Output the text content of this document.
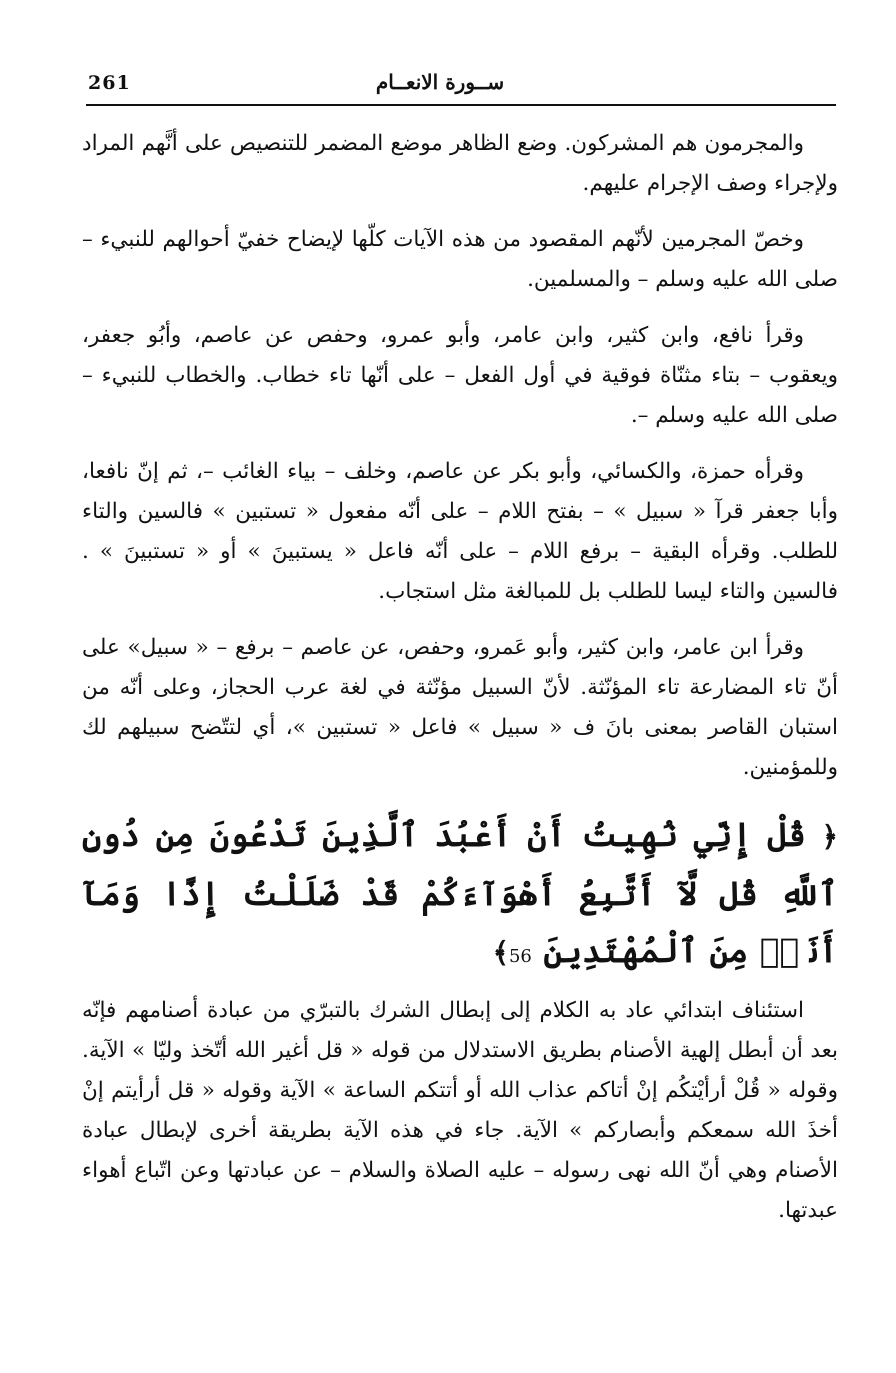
261	ســورة الانعــام

والمجرمون هم المشركون. وضع الظاهر موضع المضمر للتنصيص على أنَّهم المراد ولإجراء وصف الإجرام عليهم.

وخصّ المجرمين لأنّهم المقصود من هذه الآيات كلّها لإيضاح خفيّ أحوالهم للنبيء – صلى الله عليه وسلم – والمسلمين.

وقرأ نافع، وابن كثير، وابن عامر، وأبو عمرو، وحفص عن عاصم، وأبُو جعفر، ويعقوب – بتاء مثنّاة فوقية في أول الفعل – على أنّها تاء خطاب. والخطاب للنبيء – صلى الله عليه وسلم –.

وقرأه حمزة، والكسائي، وأبو بكر عن عاصم، وخلف – بياء الغائب –، ثم إنّ نافعا، وأبا جعفر قرآ « سبيل » – بفتح اللام – على أنّه مفعول « تستبين » فالسين والتاء للطلب. وقرأه البقية – برفع اللام – على أنّه فاعل « يستبينَ » أو « تستبينَ » . فالسين والتاء ليسا للطلب بل للمبالغة مثل استجاب.

وقرأ ابن عامر، وابن كثير، وأبو عَمرو، وحفص، عن عاصم – برفع – « سبيل» على أنّ تاء المضارعة تاء المؤنّثة. لأنّ السبيل مؤنّثة في لغة عرب الحجاز، وعلى أنّه من استبان القاصر بمعنى بانَ ف « سبيل » فاعل « تستبين »، أي لتتّضح سبيلهم لك وللمؤمنين.

﴿ قُلْ إِنِّي نُهِيتُ أَنْ أَعْبُدَ ٱلَّذِينَ تَدْعُونَ مِن دُونِ ٱللَّهِ قُل لَّآ أَتَّبِعُ أَهْوَآءَكُمْ قَدْ ضَلَلْتُ إِذًا وَمَآ أَنَا۠ مِنَ ٱلْمُهْتَدِينَ 56﴾

استئناف ابتدائي عاد به الكلام إلى إبطال الشرك بالتبرّي من عبادة أصنامهم فإنّه بعد أن أبطل إلهية الأصنام بطريق الاستدلال من قوله « قل أغير الله أتّخذ وليّا » الآية. وقوله « قُلْ أرأيْتكُم إنْ أتاكم عذاب الله أو أتتكم الساعة » الآية وقوله « قل أرأيتم إنْ أخذَ الله سمعكم وأبصاركم » الآية. جاء في هذه الآية بطريقة أخرى لإبطال عبادة الأصنام وهي أنّ الله نهى رسوله – عليه الصلاة والسلام – عن عبادتها وعن اتّباع أهواء عبدتها.
